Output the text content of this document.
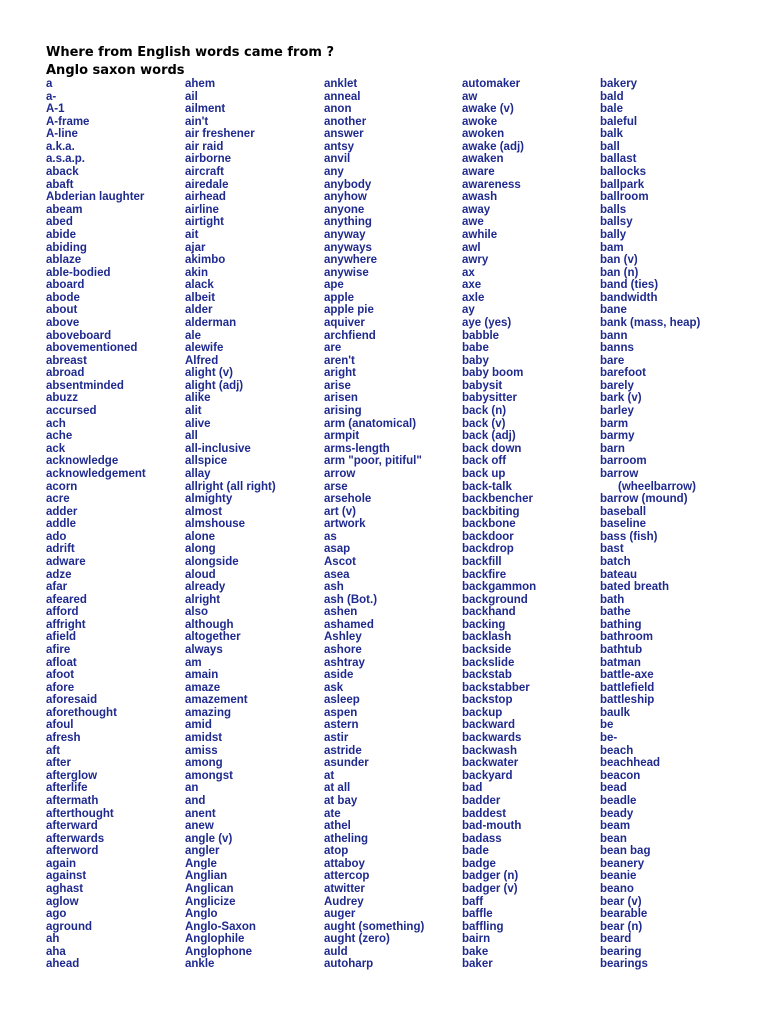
Where from English words came from ?
Anglo saxon words
a
a-
A-1
A-frame
A-line
a.k.a.
a.s.a.p.
aback
abaft
Abderian laughter
abeam
abed
abide
abiding
ablaze
able-bodied
aboard
abode
about
above
aboveboard
abovementioned
abreast
abroad
absentminded
abuzz
accursed
ach
ache
ack
acknowledge
acknowledgement
acorn
acre
adder
addle
ado
adrift
adware
adze
afar
afeared
afford
affright
afield
afire
afloat
afoot
afore
aforesaid
aforethought
afoul
afresh
aft
after
afterglow
afterlife
aftermath
afterthought
afterward
afterwards
afterword
again
against
aghast
aglow
ago
aground
ah
aha
ahead
ahem
ail
ailment
ain't
air freshener
air raid
airborne
aircraft
airedale
airhead
airline
airtight
ait
ajar
akimbo
akin
alack
albeit
alder
alderman
ale
alewife
Alfred
alight (v)
alight (adj)
alike
alit
alive
all
all-inclusive
allspice
allay
allright (all right)
almighty
almost
almshouse
alone
along
alongside
aloud
already
alright
also
although
altogether
always
am
amain
amaze
amazement
amazing
amid
amidst
amiss
among
amongst
an
and
anent
anew
angle (v)
angler
Angle
Anglian
Anglican
Anglicize
Anglo
Anglo-Saxon
Anglophile
Anglophone
ankle
anklet
anneal
anon
another
answer
antsy
anvil
any
anybody
anyhow
anyone
anything
anyway
anyways
anywhere
anywise
ape
apple
apple pie
aquiver
archfiend
are
aren't
aright
arise
arisen
arising
arm (anatomical)
armpit
arms-length
arm "poor, pitiful"
arrow
arse
arsehole
art (v)
artwork
as
asap
Ascot
asea
ash
ash (Bot.)
ashen
ashamed
Ashley
ashore
ashtray
aside
ask
asleep
aspen
astern
astir
astride
asunder
at
at all
at bay
ate
athel
atheling
atop
attaboy
attercop
atwitter
Audrey
auger
aught (something)
aught (zero)
auld
autoharp
automaker
aw
awake (v)
awoke
awoken
awake (adj)
awaken
aware
awareness
awash
away
awe
awhile
awl
awry
ax
axe
axle
ay
aye (yes)
babble
babe
baby
baby boom
babysit
babysitter
back (n)
back (v)
back (adj)
back down
back off
back up
back-talk
backbencher
backbiting
backbone
backdoor
backdrop
backfill
backfire
backgammon
background
backhand
backing
backlash
backside
backslide
backstab
backstabber
backstop
backup
backward
backwards
backwash
backwater
backyard
bad
badder
baddest
bad-mouth
badass
bade
badge
badger (n)
badger (v)
baff
baffle
baffling
bairn
bake
baker
bakery
bald
bale
baleful
balk
ball
ballast
ballocks
ballpark
ballroom
balls
ballsy
bally
bam
ban (v)
ban (n)
band (ties)
bandwidth
bane
bank (mass, heap)
bann
banns
bare
barefoot
barely
bark (v)
barley
barm
barmy
barn
barroom
barrow
(wheelbarrow)
barrow (mound)
baseball
baseline
bass (fish)
bast
batch
bateau
bated breath
bath
bathe
bathing
bathroom
bathtub
batman
battle-axe
battlefield
battleship
baulk
be
be-
beach
beachhead
beacon
bead
beadle
beady
beam
bean
bean bag
beanery
beanie
beano
bear (v)
bearable
bear (n)
beard
bearing
bearings
